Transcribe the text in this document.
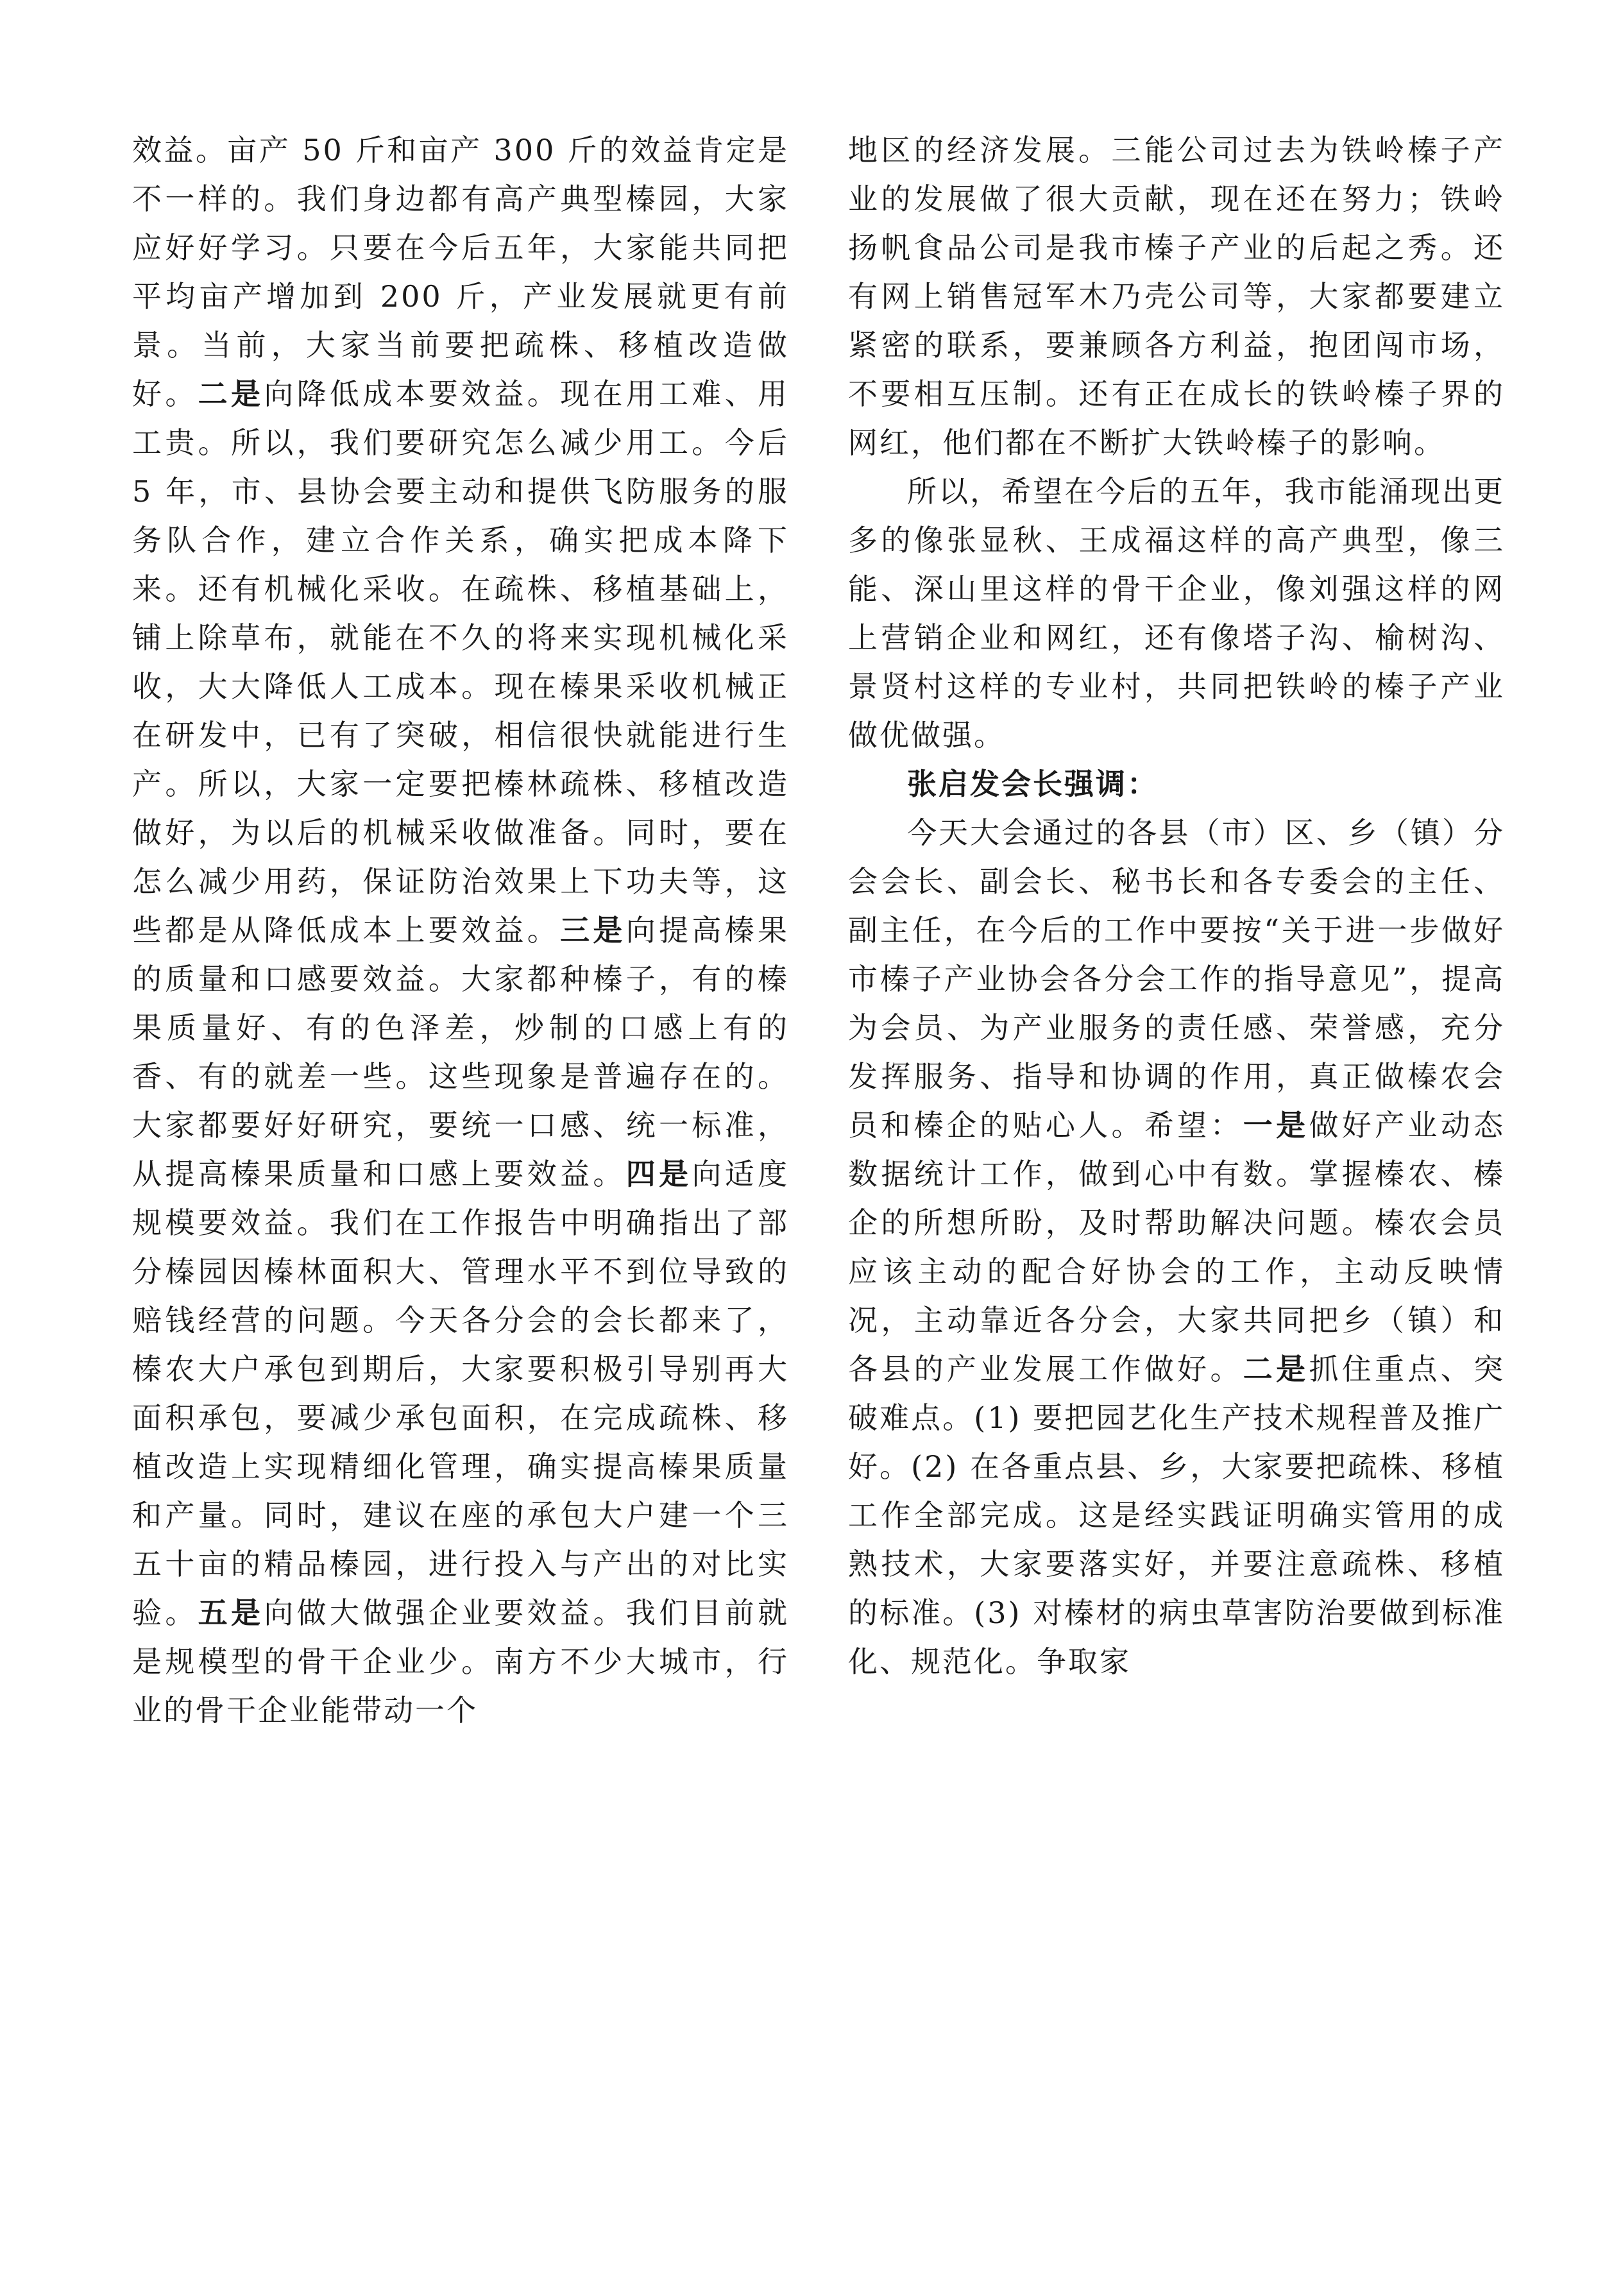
效益。亩产 50 斤和亩产 300 斤的效益肯定是不一样的。我们身边都有高产典型榛园，大家应好好学习。只要在今后五年，大家能共同把平均亩产增加到 200 斤，产业发展就更有前景。当前，大家当前要把疏株、移植改造做好。二是向降低成本要效益。现在用工难、用工贵。所以，我们要研究怎么减少用工。今后 5 年，市、县协会要主动和提供飞防服务的服务队合作，建立合作关系，确实把成本降下来。还有机械化采收。在疏株、移植基础上，铺上除草布，就能在不久的将来实现机械化采收，大大降低人工成本。现在榛果采收机械正在研发中，已有了突破，相信很快就能进行生产。所以，大家一定要把榛林疏株、移植改造做好，为以后的机械采收做准备。同时，要在怎么减少用药，保证防治效果上下功夫等，这些都是从降低成本上要效益。三是向提高榛果的质量和口感要效益。大家都种榛子，有的榛果质量好、有的色泽差，炒制的口感上有的香、有的就差一些。这些现象是普遍存在的。大家都要好好研究，要统一口感、统一标准，从提高榛果质量和口感上要效益。四是向适度规模要效益。我们在工作报告中明确指出了部分榛园因榛林面积大、管理水平不到位导致的赔钱经营的问题。今天各分会的会长都来了，榛农大户承包到期后，大家要积极引导别再大面积承包，要减少承包面积，在完成疏株、移植改造上实现精细化管理，确实提高榛果质量和产量。同时，建议在座的承包大户建一个三五十亩的精品榛园，进行投入与产出的对比实验。五是向做大做强企业要效益。我们目前就是规模型的骨干企业少。南方不少大城市，行业的骨干企业能带动一个

地区的经济发展。三能公司过去为铁岭榛子产业的发展做了很大贡献，现在还在努力；铁岭扬帆食品公司是我市榛子产业的后起之秀。还有网上销售冠军木乃壳公司等，大家都要建立紧密的联系，要兼顾各方利益，抱团闯市场，不要相互压制。还有正在成长的铁岭榛子界的网红，他们都在不断扩大铁岭榛子的影响。

所以，希望在今后的五年，我市能涌现出更多的像张显秋、王成福这样的高产典型，像三能、深山里这样的骨干企业，像刘强这样的网上营销企业和网红，还有像塔子沟、榆树沟、景贤村这样的专业村，共同把铁岭的榛子产业做优做强。

张启发会长强调：

今天大会通过的各县（市）区、乡（镇）分会会长、副会长、秘书长和各专委会的主任、副主任，在今后的工作中要按“关于进一步做好市榛子产业协会各分会工作的指导意见”，提高为会员、为产业服务的责任感、荣誉感，充分发挥服务、指导和协调的作用，真正做榛农会员和榛企的贴心人。希望：一是做好产业动态数据统计工作，做到心中有数。掌握榛农、榛企的所想所盼，及时帮助解决问题。榛农会员应该主动的配合好协会的工作，主动反映情况，主动靠近各分会，大家共同把乡（镇）和各县的产业发展工作做好。二是抓住重点、突破难点。(1) 要把园艺化生产技术规程普及推广好。(2) 在各重点县、乡，大家要把疏株、移植工作全部完成。这是经实践证明确实管用的成熟技术，大家要落实好，并要注意疏株、移植的标准。(3) 对榛材的病虫草害防治要做到标准化、规范化。争取家
